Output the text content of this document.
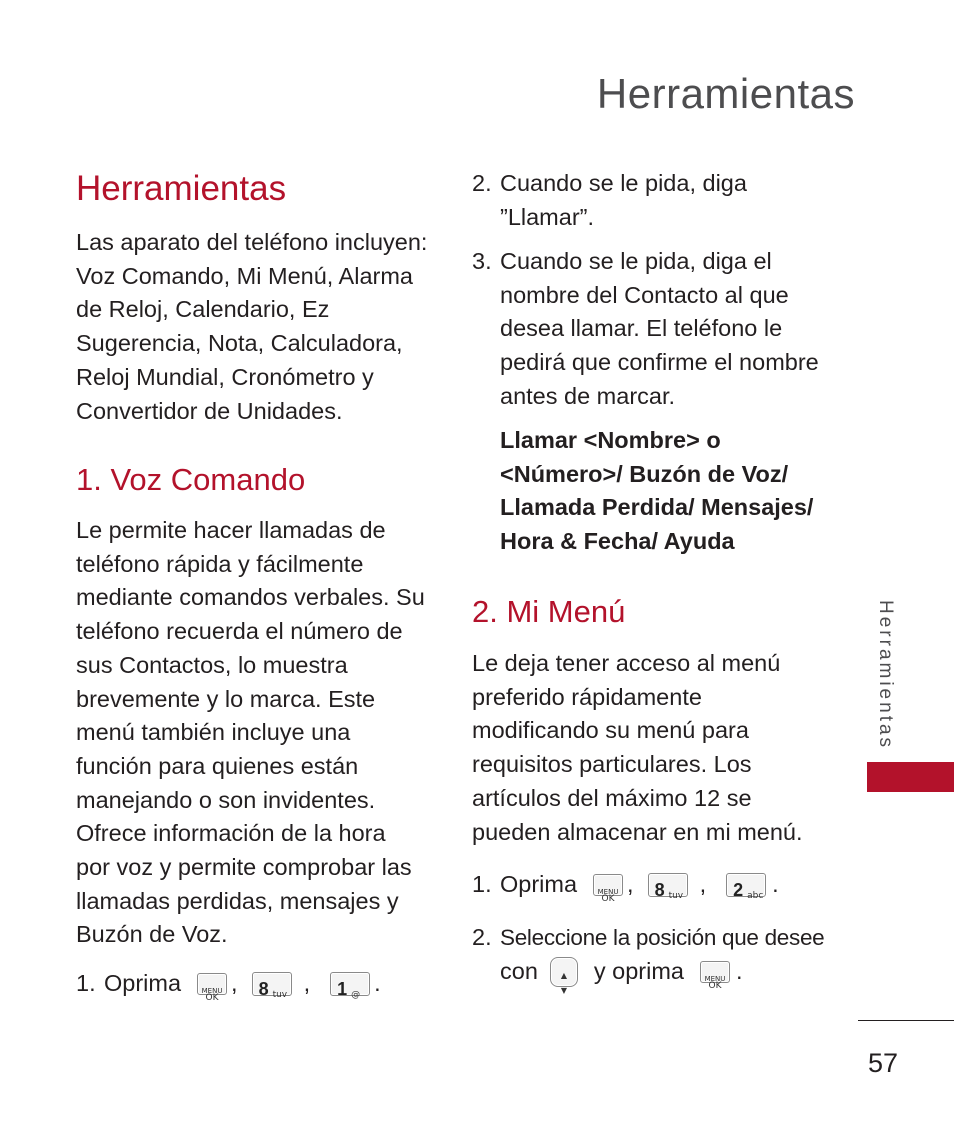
Herramientas
Herramientas
Las aparato del teléfono incluyen:
Voz Comando, Mi Menú, Alarma
de Reloj, Calendario, Ez
Sugerencia, Nota, Calculadora,
Reloj Mundial, Cronómetro y
Convertidor de Unidades.
1. Voz Comando
Le permite hacer llamadas de
teléfono rápida y fácilmente
mediante comandos verbales. Su
teléfono recuerda el número de
sus Contactos, lo muestra
brevemente y lo marca. Este
menú también incluye una
función para quienes están
manejando o son invidentes.
Ofrece información de la hora
por voz y permite comprobar las
llamadas perdidas, mensajes y
Buzón de Voz.
1. Oprima	MENU
OK
, 8 tuv , 1 @ .
2. Cuando se le pida, diga
”Llamar”.
3. Cuando se le pida, diga el
nombre del Contacto al que
desea llamar. El teléfono le
pedirá que confirme el nombre
antes de marcar.
Llamar <Nombre> o
<Número>/ Buzón de Voz/
Llamada Perdida/ Mensajes/
Hora & Fecha/ Ayuda
2. Mi Menú
Le deja tener acceso al menú
preferido rápidamente
modificando su menú para
requisitos particulares. Los
artículos del máximo 12 se
pueden almacenar en mi menú.
1. Oprima	MENU
OK
, 8 tuv , 2 abc .
2. Seleccione la posición que desee
con	▲
▼
y oprima	MENU
OK
.
Herramientas
57
